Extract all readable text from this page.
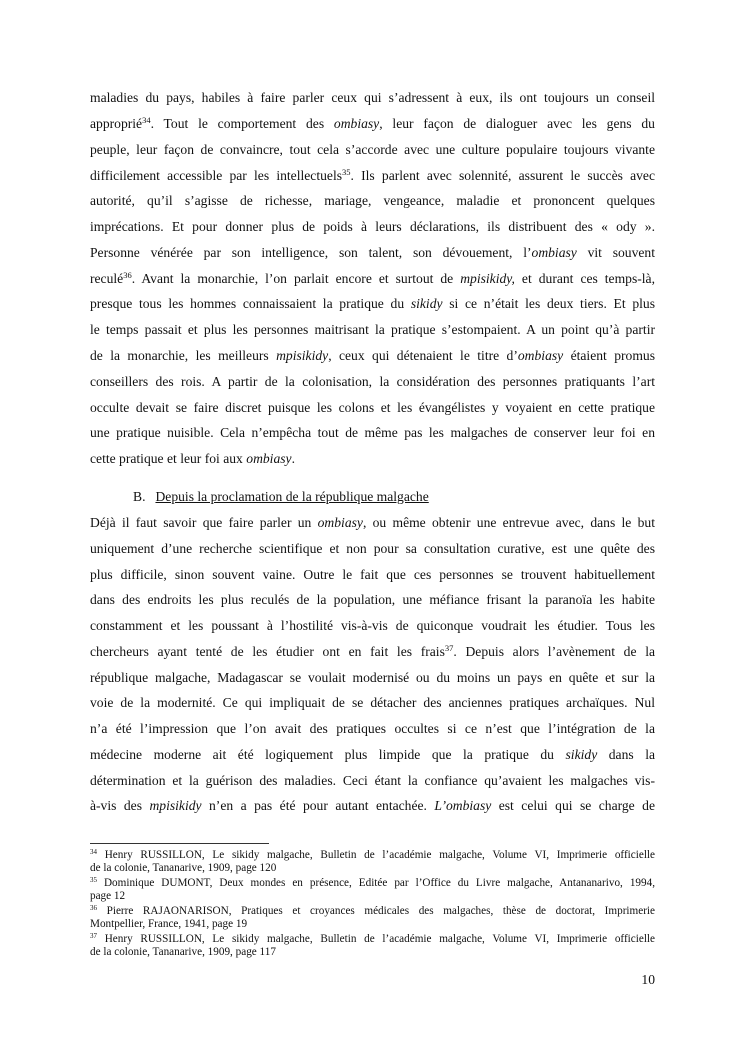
maladies du pays, habiles à faire parler ceux qui s’adressent à eux, ils ont toujours un conseil
approprié$^{34}$. Tout le comportement des ombiasy, leur façon de dialoguer avec les gens du
peuple, leur façon de convaincre, tout cela s’accorde avec une culture populaire toujours vivante
difficilement accessible par les intellectuels$^{35}$. Ils parlent avec solennité, assurent le succès avec
autorité, qu’il s’agisse de richesse, mariage, vengeance, maladie et prononcent quelques
imprécations. Et pour donner plus de poids à leurs déclarations, ils distribuent des « ody ».
Personne vénérée par son intelligence, son talent, son dévouement, l’ombiasy vit souvent
reculé$^{36}$. Avant la monarchie, l’on parlait encore et surtout de mpisikidy, et durant ces temps-là,
presque tous les hommes connaissaient la pratique du sikidy si ce n’était les deux tiers. Et plus
le temps passait et plus les personnes maitrisant la pratique s’estompaient. A un point qu’à partir
de la monarchie, les meilleurs mpisikidy, ceux qui détenaient le titre d’ombiasy étaient promus
conseillers des rois. A partir de la colonisation, la considération des personnes pratiquants l’art
occulte devait se faire discret puisque les colons et les évangélistes y voyaient en cette pratique
une pratique nuisible. Cela n’empêcha tout de même pas les malgaches de conserver leur foi en
cette pratique et leur foi aux ombiasy.
B. Depuis la proclamation de la république malgache
Déjà il faut savoir que faire parler un ombiasy, ou même obtenir une entrevue avec, dans le but
uniquement d’une recherche scientifique et non pour sa consultation curative, est une quête des
plus difficile, sinon souvent vaine. Outre le fait que ces personnes se trouvent habituellement
dans des endroits les plus reculés de la population, une méfiance frisant la paranoïa les habite
constamment et les poussant à l’hostilité vis-à-vis de quiconque voudrait les étudier. Tous les
chercheurs ayant tenté de les étudier ont en fait les frais$^{37}$. Depuis alors l’avènement de la
république malgache, Madagascar se voulait modernisé ou du moins un pays en quête et sur la
voie de la modernité. Ce qui impliquait de se détacher des anciennes pratiques archaïques. Nul
n’a été l’impression que l’on avait des pratiques occultes si ce n’est que l’intégration de la
médecine moderne ait été logiquement plus limpide que la pratique du sikidy dans la
détermination et la guérison des maladies. Ceci étant la confiance qu’avaient les malgaches vis-
à-vis des mpisikidy n’en a pas été pour autant entachée. L’ombiasy est celui qui se charge de
$^{34}$ Henry RUSSILLON, Le sikidy malgache, Bulletin de l’académie malgache, Volume VI, Imprimerie officielle
de la colonie, Tananarive, 1909, page 120
$^{35}$ Dominique DUMONT, Deux mondes en présence, Editée par l’Office du Livre malgache, Antananarivo, 1994,
page 12
$^{36}$ Pierre RAJAONARISON, Pratiques et croyances médicales des malgaches, thèse de doctorat, Imprimerie
Montpellier, France, 1941, page 19
$^{37}$ Henry RUSSILLON, Le sikidy malgache, Bulletin de l’académie malgache, Volume VI, Imprimerie officielle
de la colonie, Tananarive, 1909, page 117
10
